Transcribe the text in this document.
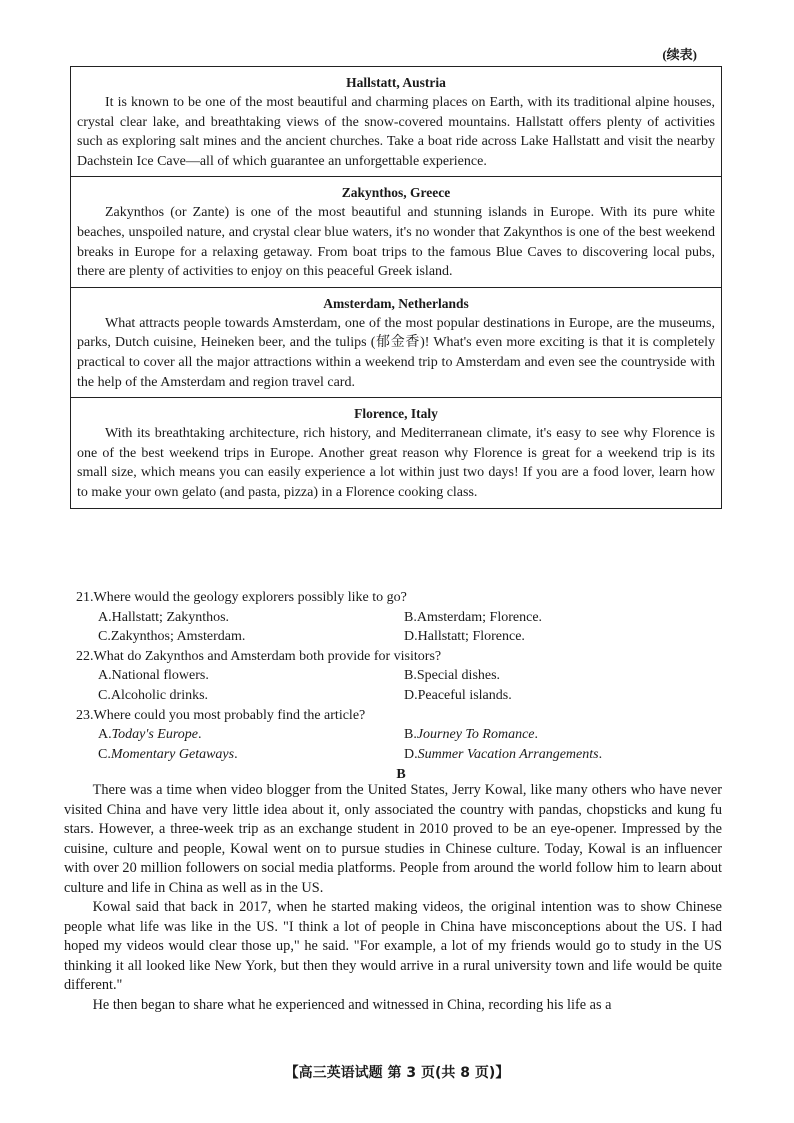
(续表)
Hallstatt, Austria
It is known to be one of the most beautiful and charming places on Earth, with its traditional alpine houses, crystal clear lake, and breathtaking views of the snow-covered mountains. Hallstatt offers plenty of activities such as exploring salt mines and the ancient churches. Take a boat ride across Lake Hallstatt and visit the nearby Dachstein Ice Cave—all of which guarantee an unforgettable experience.
Zakynthos, Greece
Zakynthos (or Zante) is one of the most beautiful and stunning islands in Europe. With its pure white beaches, unspoiled nature, and crystal clear blue waters, it's no wonder that Zakynthos is one of the best weekend breaks in Europe for a relaxing getaway. From boat trips to the famous Blue Caves to discovering local pubs, there are plenty of activities to enjoy on this peaceful Greek island.
Amsterdam, Netherlands
What attracts people towards Amsterdam, one of the most popular destinations in Europe, are the museums, parks, Dutch cuisine, Heineken beer, and the tulips (郁金香)! What's even more exciting is that it is completely practical to cover all the major attractions within a weekend trip to Amsterdam and even see the countryside with the help of the Amsterdam and region travel card.
Florence, Italy
With its breathtaking architecture, rich history, and Mediterranean climate, it's easy to see why Florence is one of the best weekend trips in Europe. Another great reason why Florence is great for a weekend trip is its small size, which means you can easily experience a lot within just two days! If you are a food lover, learn how to make your own gelato (and pasta, pizza) in a Florence cooking class.

21.Where would the geology explorers possibly like to go?

A.Hallstatt; Zakynthos.	B.Amsterdam; Florence.
C.Zakynthos; Amsterdam.	D.Hallstatt; Florence.

22.What do Zakynthos and Amsterdam both provide for visitors?

A.National flowers.	B.Special dishes.
C.Alcoholic drinks.	D.Peaceful islands.

23.Where could you most probably find the article?

A.Today's Europe.	B.Journey To Romance.
C.Momentary Getaways.	D.Summer Vacation Arrangements.
B

There was a time when video blogger from the United States, Jerry Kowal, like many others who have never visited China and have very little idea about it, only associated the country with pandas, chopsticks and kung fu stars. However, a three-week trip as an exchange student in 2010 proved to be an eye-opener. Impressed by the cuisine, culture and people, Kowal went on to pursue studies in Chinese culture. Today, Kowal is an influencer with over 20 million followers on social media platforms. People from around the world follow him to learn about culture and life in China as well as in the US.

Kowal said that back in 2017, when he started making videos, the original intention was to show Chinese people what life was like in the US. "I think a lot of people in China have misconceptions about the US. I had hoped my videos would clear those up," he said. "For example, a lot of my friends would go to study in the US thinking it all looked like New York, but then they would arrive in a rural university town and life would be quite different."

He then began to share what he experienced and witnessed in China, recording his life as a

【高三英语试题 第 3 页(共 8 页)】
